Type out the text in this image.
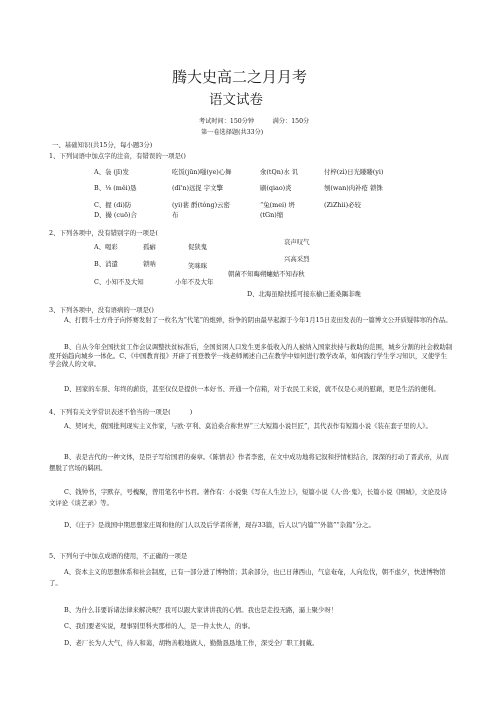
腾大史高二之月月考
语文试卷
考试时间：150分钟　　　满分：150分
第一卷选择题(共33分)
一、基础知识(共15分，每小题3分)
1、下列词语中加点字的注音，有错误的一项是()
A、袅 (jī)发	吃饭(jūn)嗤(ye)心舞	氽(tQn)水 讥	付梓(zì)日光䁖䁖(yi)
B、⅛ (mêi)恳	(dī'n)远捉 宇文擎	刷(qiao)炎	刎(wan)肉补疮 锁铢
C、握 (di)防	(yi)葚 酹(tóng)云密	“兔(mei) 坍	(ZiZhii)必较
D、撮 (cuō)合	布	(tGn)缩
2、下列各项中，没有错别字的一项是(
A、喝彩	孤癖	促狭鬼
哀声叹气
B、消遣	锁呐	笑咪咪
兴高采烈
朝菌不知晦朔蟪蛄不知春秋
C、小知不及大知	小年不及大年
D、北海虽赊扶摇可接东榆已逝桑隅非晚
3、下列各项中，没有语病的一项是()
A、打假斗士方舟子向怀赛发射了一枚名为“代笔”的炮弹，纷争的阴由最早起源于今年1月15日麦田发表的一篇博文公开质疑韩寒的作品。
B、自从今年全国扶贫工作会议调整扶贫标准后，全国贫困人口发生更多低收入的人被纳入国家扶持与救助的范围，城乡分割的社会救助制度开始趋向城乡一体化。C、《中国教育报》开辟了刊登教学一线老师阐述自己在教学中如何进行教学改革，如何践行学生学习知识，又使学生学会做人的文章。
D、回家的车票、年终的薪资，甚至仅仅是提供一本好书、开通一个信箱，对于农民工来说，就不仅是心灵的慰藉，更是生活的便利。
4、下列有关文学常识表述不恰当的一项是(　　　)
A、契诃夫，俄国批判现实主义作家，与欧·亨利、莫泊桑合称世界“三大短篇小说巨匠”，其代表作有短篇小说《装在套子里的人》。
B、表是古代的一种文体，是臣子写给国君的奏章。《陈情表》作者李密，在文中成功地将记叙和抒情相结合，深深的打动了晋武帝，从而摆脱了官场的羁困。
C、钱钟书，字默存，号槐聚，曾用笔名中书君。著作有：小说集《写在人生边上》，短篇小说《人·兽·鬼》，长篇小说《围城》，文论及诗文评论《谈艺录》等。
D、《庄子》是战国中期思想家庄周和他的门人以及后学者所著，现存33篇，后人以“内篇”“外篇”“杂篇”分之。
5、下列句子中加点成语的使用，不正确的一项是
A、资本主义的思想体系和社会制度，已有一部分进了博物馆；其余部分，也已日薄西山，气息奄奄，人向危伐，朝不虑夕，快进博物馆了。
B、为什么非要诉诸法律来解决呢？我可以跟大家讲讲我的心情。我也是走投无路，逼上聚少呀！
C、我们要老实说，理事别里科夫那样的人，是一件太快人，的事。
D、老厂长为人大气，待人和蔼，胡物善粮地做人，勤勤恳恳地工作，深受全厂职工拥戴。
